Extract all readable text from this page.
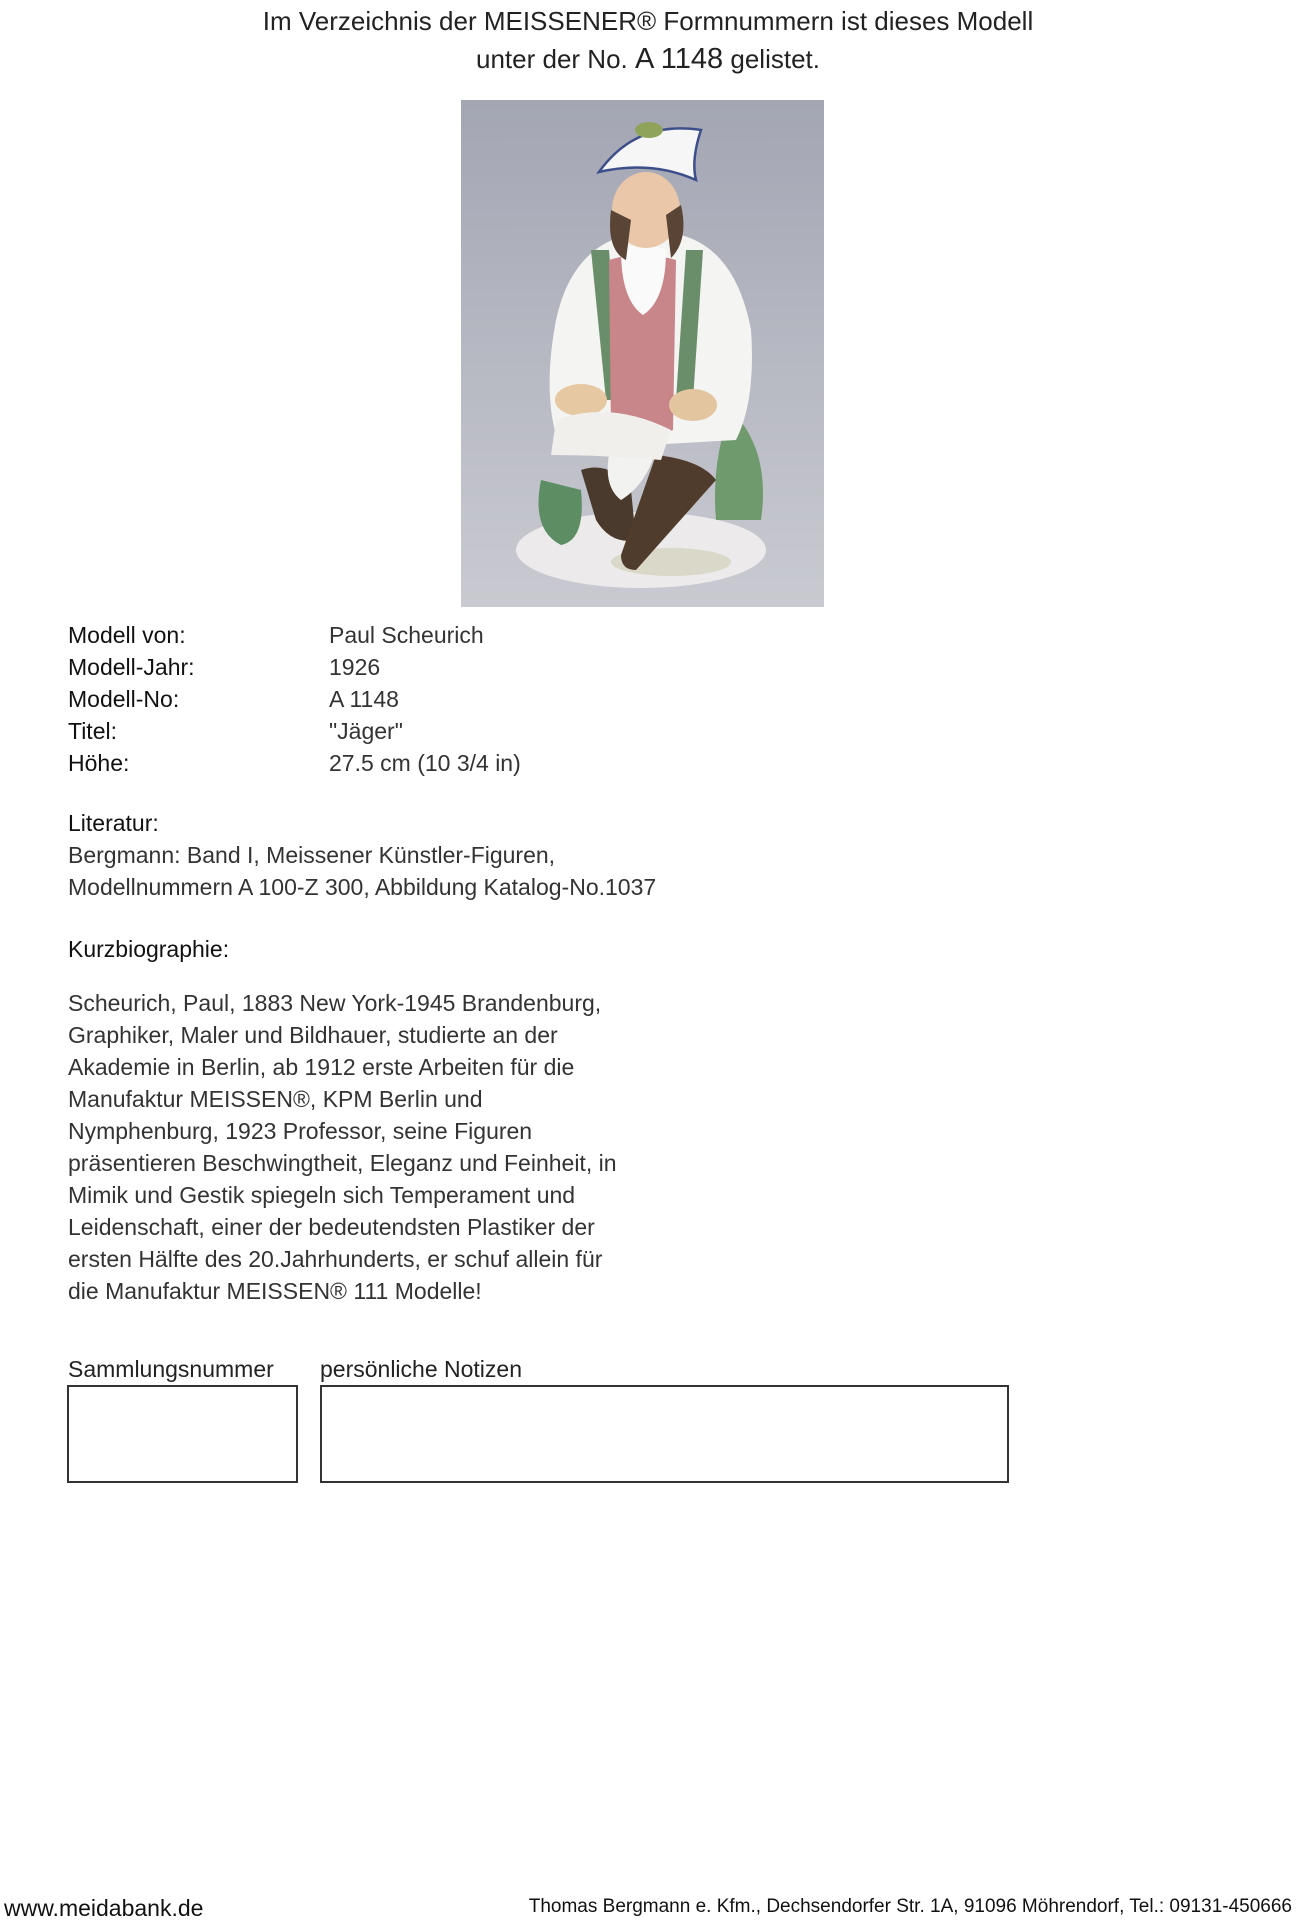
Im Verzeichnis der MEISSENER® Formnummern ist dieses Modell
unter der No. A 1148 gelistet.
Modell von:	Paul Scheurich
Modell-Jahr:	1926
Modell-No:	A 1148
Titel:	"Jäger"
Höhe:	27.5 cm (10 3/4 in)
Literatur:
Bergmann: Band I, Meissener Künstler-Figuren,
Modellnummern A 100-Z 300, Abbildung Katalog-No.1037
Kurzbiographie:
Scheurich, Paul, 1883 New York-1945 Brandenburg,
Graphiker, Maler und Bildhauer, studierte an der
Akademie in Berlin, ab 1912 erste Arbeiten für die
Manufaktur MEISSEN®, KPM Berlin und
Nymphenburg, 1923 Professor, seine Figuren
präsentieren Beschwingtheit, Eleganz und Feinheit, in
Mimik und Gestik spiegeln sich Temperament und
Leidenschaft, einer der bedeutendsten Plastiker der
ersten Hälfte des 20.Jahrhunderts, er schuf allein für
die Manufaktur MEISSEN® 111 Modelle!
Sammlungsnummer persönliche Notizen
www.meidabank.de	Thomas Bergmann e. Kfm., Dechsendorfer Str. 1A, 91096 Möhrendorf, Tel.: 09131-450666
